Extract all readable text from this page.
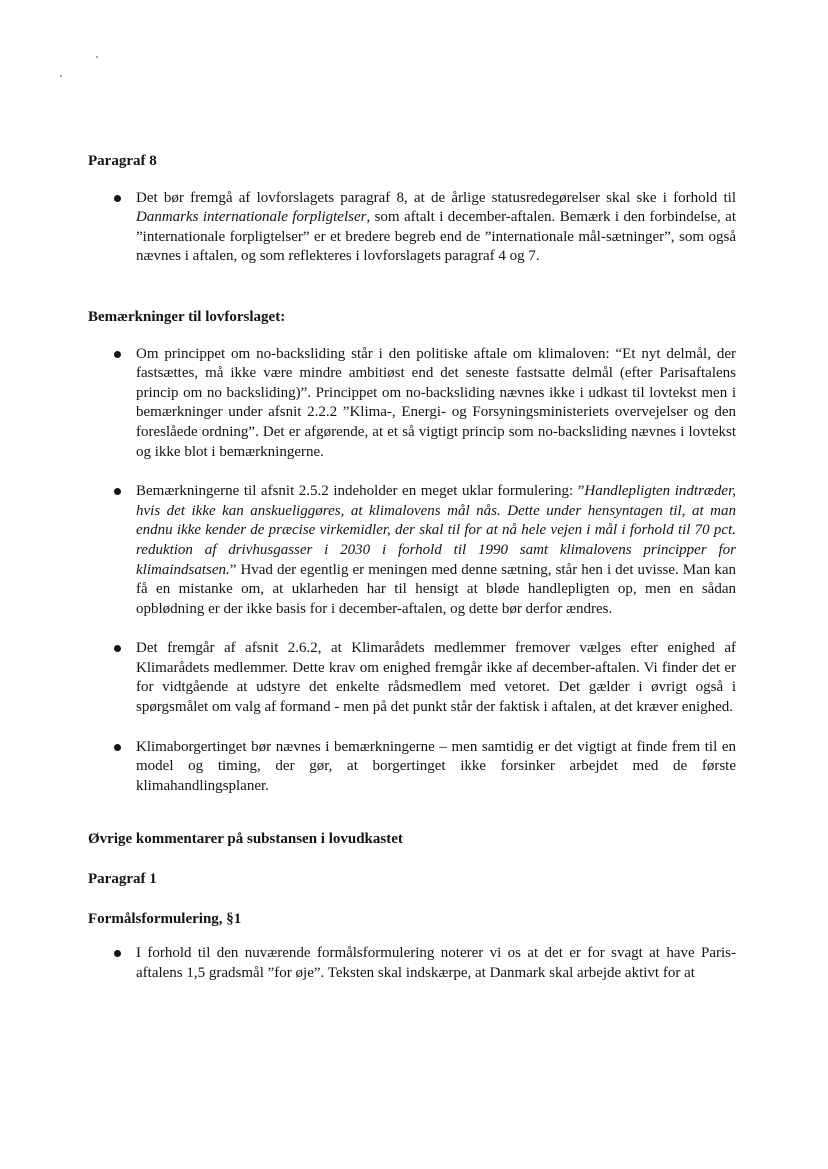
Paragraf 8
Det bør fremgå af lovforslagets paragraf 8, at de årlige statusredegørelser skal ske i forhold til Danmarks internationale forpligtelser, som aftalt i december-aftalen. Bemærk i den forbindelse, at ”internationale forpligtelser” er et bredere begreb end de ”internationale mål-sætninger”, som også nævnes i aftalen, og som reflekteres i lovforslagets paragraf 4 og 7.
Bemærkninger til lovforslaget:
Om princippet om no-backsliding står i den politiske aftale om klimaloven: “Et nyt delmål, der fastsættes, må ikke være mindre ambitiøst end det seneste fastsatte delmål (efter Parisaftalens princip om no backsliding)”. Princippet om no-backsliding nævnes ikke i udkast til lovtekst men i bemærkninger under afsnit 2.2.2 ”Klima-, Energi- og Forsyningsministeriets overvejelser og den foreslåede ordning”. Det er afgørende, at et så vigtigt princip som no-backsliding nævnes i lovtekst og ikke blot i bemærkningerne.
Bemærkningerne til afsnit 2.5.2 indeholder en meget uklar formulering: ”Handlepligten indtræder, hvis det ikke kan anskueliggøres, at klimalovens mål nås. Dette under hensyntagen til, at man endnu ikke kender de præcise virkemidler, der skal til for at nå hele vejen i mål i forhold til 70 pct. reduktion af drivhusgasser i 2030 i forhold til 1990 samt klimalovens principper for klimaindsatsen.” Hvad der egentlig er meningen med denne sætning, står hen i det uvisse. Man kan få en mistanke om, at uklarheden har til hensigt at bløde handlepligten op, men en sådan opblødning er der ikke basis for i december-aftalen, og dette bør derfor ændres.
Det fremgår af afsnit 2.6.2, at Klimarådets medlemmer fremover vælges efter enighed af Klimarådets medlemmer. Dette krav om enighed fremgår ikke af december-aftalen. Vi finder det er for vidtgående at udstyre det enkelte rådsmedlem med vetoret. Det gælder i øvrigt også i spørgsmålet om valg af formand - men på det punkt står der faktisk i aftalen, at det kræver enighed.
Klimaborgertinget bør nævnes i bemærkningerne – men samtidig er det vigtigt at finde frem til en model og timing, der gør, at borgertinget ikke forsinker arbejdet med de første klimahandlingsplaner.
Øvrige kommentarer på substansen i lovudkastet
Paragraf 1
Formålsformulering, §1
I forhold til den nuværende formålsformulering noterer vi os at det er for svagt at have Paris-aftalens 1,5 gradsmål ”for øje”. Teksten skal indskærpe, at Danmark skal arbejde aktivt for at
